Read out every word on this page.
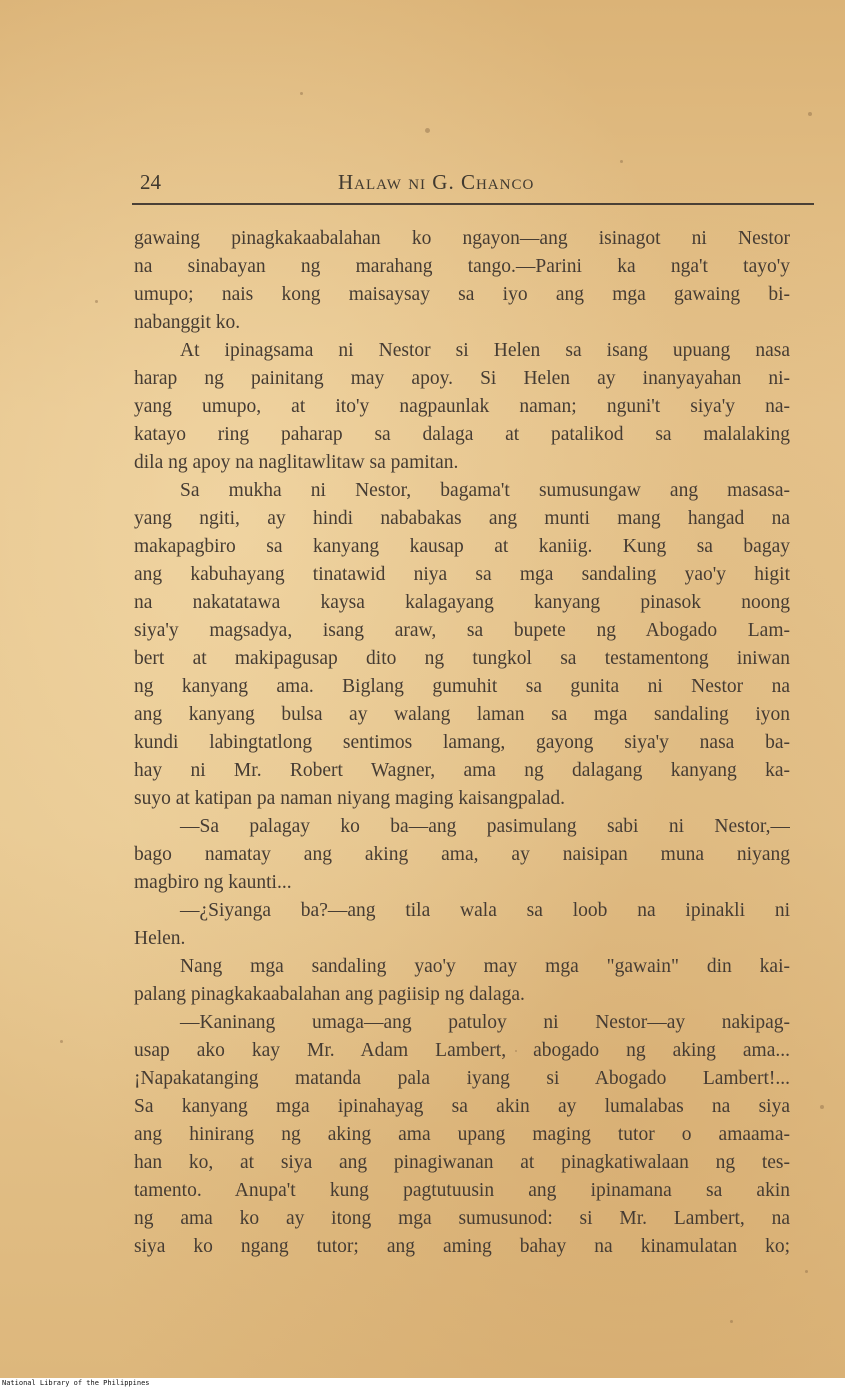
24	Halaw ni G. Chanco
gawaing pinagkakaabalahan ko ngayon—ang isinagot ni Nestor
na sinabayan ng marahang tango.—Parini ka nga't tayo'y
umupo; nais kong maisaysay sa iyo ang mga gawaing bi-
nabanggit ko.
At ipinagsama ni Nestor si Helen sa isang upuang nasa
harap ng painitang may apoy. Si Helen ay inanyayahan ni-
yang umupo, at ito'y nagpaunlak naman; nguni't siya'y na-
katayo ring paharap sa dalaga at patalikod sa malalaking
dila ng apoy na naglitawlitaw sa pamitan.
Sa mukha ni Nestor, bagama't sumusungaw ang masasa-
yang ngiti, ay hindi nababakas ang munti mang hangad na
makapagbiro sa kanyang kausap at kaniig. Kung sa bagay
ang kabuhayang tinatawid niya sa mga sandaling yao'y higit
na nakatatawa kaysa kalagayang kanyang pinasok noong
siya'y magsadya, isang araw, sa bupete ng Abogado Lam-
bert at makipagusap dito ng tungkol sa testamentong iniwan
ng kanyang ama. Biglang gumuhit sa gunita ni Nestor na
ang kanyang bulsa ay walang laman sa mga sandaling iyon
kundi labingtatlong sentimos lamang, gayong siya'y nasa ba-
hay ni Mr. Robert Wagner, ama ng dalagang kanyang ka-
suyo at katipan pa naman niyang maging kaisangpalad.
—Sa palagay ko ba—ang pasimulang sabi ni Nestor,—
bago namatay ang aking ama, ay naisipan muna niyang
magbiro ng kaunti...
—¿Siyanga ba?—ang tila wala sa loob na ipinakli ni
Helen.
Nang mga sandaling yao'y may mga "gawain" din kai-
palang pinagkakaabalahan ang pagiisip ng dalaga.
—Kaninang umaga—ang patuloy ni Nestor—ay nakipag-
usap ako kay Mr. Adam Lambert, abogado ng aking ama...
¡Napakatanging matanda pala iyang si Abogado Lambert!...
Sa kanyang mga ipinahayag sa akin ay lumalabas na siya
ang hinirang ng aking ama upang maging tutor o amaama-
han ko, at siya ang pinagiwanan at pinagkatiwalaan ng tes-
tamento. Anupa't kung pagtutuusin ang ipinamana sa akin
ng ama ko ay itong mga sumusunod: si Mr. Lambert, na
siya ko ngang tutor; ang aming bahay na kinamulatan ko;
National Library of the Philippines
